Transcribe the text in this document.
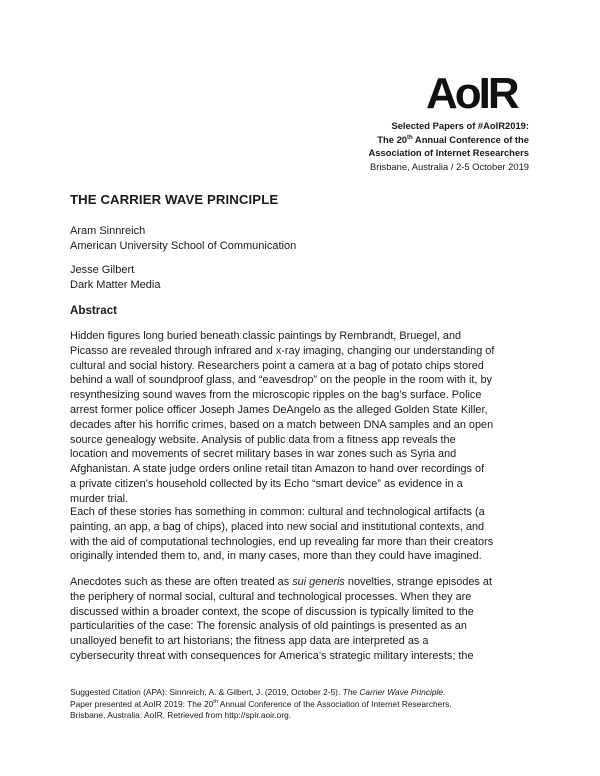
AoIR
Selected Papers of #AoIR2019:
The 20th Annual Conference of the
Association of Internet Researchers
Brisbane, Australia / 2-5 October 2019
THE CARRIER WAVE PRINCIPLE
Aram Sinnreich
American University School of Communication
Jesse Gilbert
Dark Matter Media
Abstract
Hidden figures long buried beneath classic paintings by Rembrandt, Bruegel, and
Picasso are revealed through infrared and x-ray imaging, changing our understanding of
cultural and social history. Researchers point a camera at a bag of potato chips stored
behind a wall of soundproof glass, and “eavesdrop” on the people in the room with it, by
resynthesizing sound waves from the microscopic ripples on the bag’s surface. Police
arrest former police officer Joseph James DeAngelo as the alleged Golden State Killer,
decades after his horrific crimes, based on a match between DNA samples and an open
source genealogy website. Analysis of public data from a fitness app reveals the
location and movements of secret military bases in war zones such as Syria and
Afghanistan. A state judge orders online retail titan Amazon to hand over recordings of
a private citizen’s household collected by its Echo “smart device” as evidence in a
murder trial.
Each of these stories has something in common: cultural and technological artifacts (a
painting, an app, a bag of chips), placed into new social and institutional contexts, and
with the aid of computational technologies, end up revealing far more than their creators
originally intended them to, and, in many cases, more than they could have imagined.
Anecdotes such as these are often treated as sui generis novelties, strange episodes at
the periphery of normal social, cultural and technological processes. When they are
discussed within a broader context, the scope of discussion is typically limited to the
particularities of the case: The forensic analysis of old paintings is presented as an
unalloyed benefit to art historians; the fitness app data are interpreted as a
cybersecurity threat with consequences for America’s strategic military interests; the
Suggested Citation (APA): Sinnreich, A. & Gilbert, J. (2019, October 2-5). The Carrier Wave Principle.
Paper presented at AoIR 2019: The 20th Annual Conference of the Association of Internet Researchers.
Brisbane, Australia: AoIR. Retrieved from http://spir.aoir.org.
